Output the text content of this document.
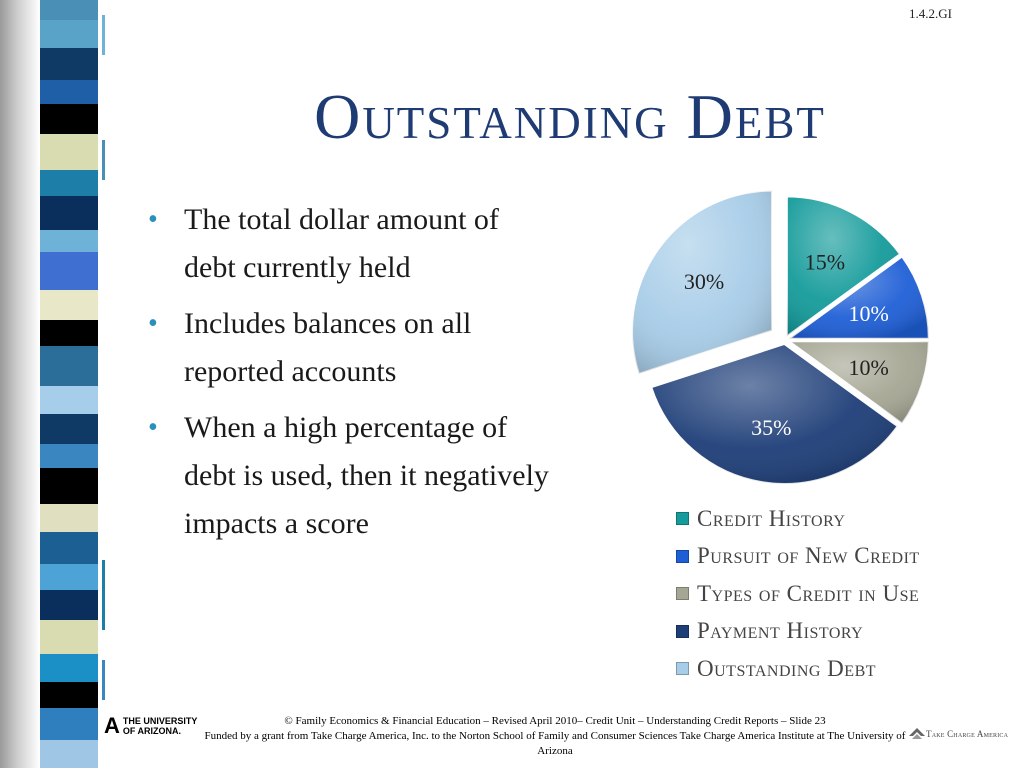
1.4.2.GI
Outstanding Debt
• The total dollar amount of debt currently held
• Includes balances on all reported accounts
• When a high percentage of debt is used, then it negatively impacts a score
15%
10%
10%
35%
30%
Credit History
Pursuit of New Credit
Types of Credit in Use
Payment History
Outstanding Debt
A THE UNIVERSITY
OF ARIZONA.
© Family Economics & Financial Education – Revised April 2010– Credit Unit – Understanding Credit Reports – Slide 23
Funded by a grant from Take Charge America, Inc. to the Norton School of Family and Consumer Sciences Take Charge America Institute at The University of Arizona
Take Charge America
